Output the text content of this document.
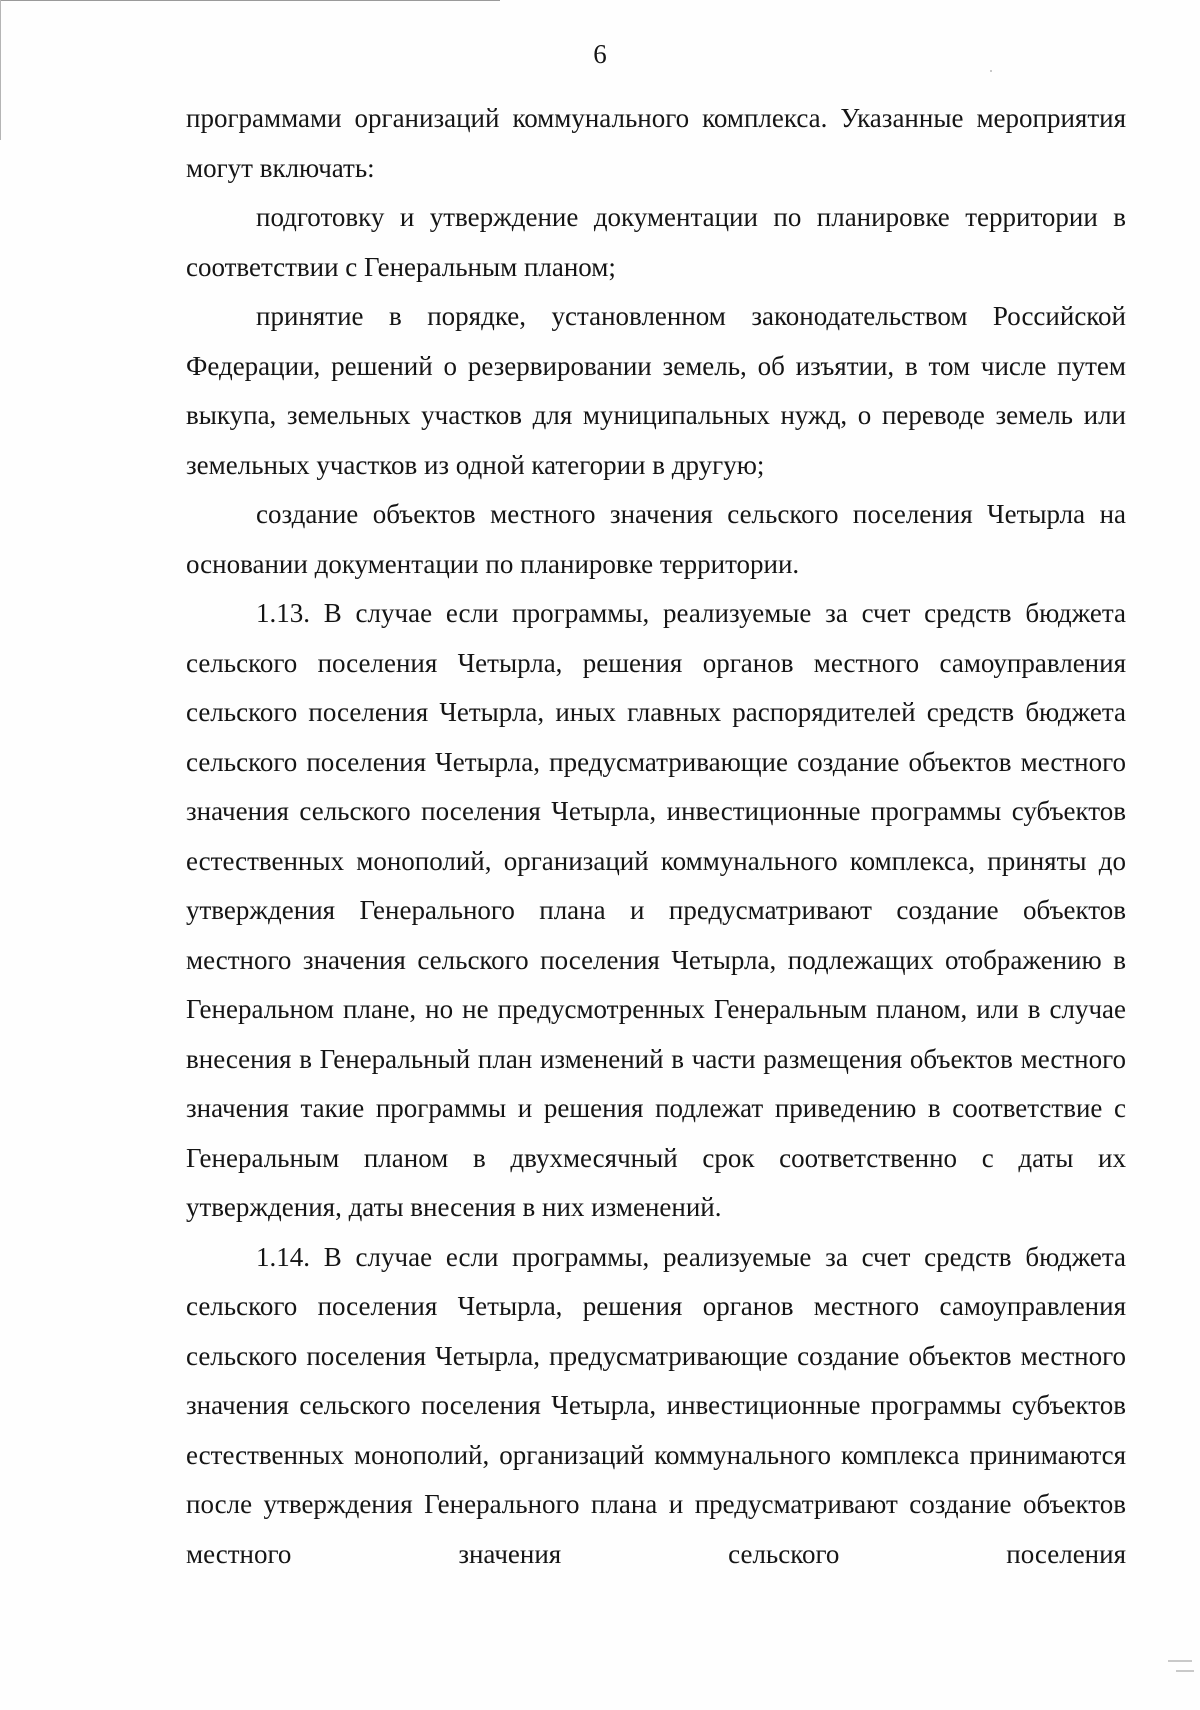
6

программами организаций коммунального комплекса. Указанные мероприятия могут включать:

подготовку и утверждение документации по планировке территории в соответствии с Генеральным планом;

принятие в порядке, установленном законодательством Российской Федерации, решений о резервировании земель, об изъятии, в том числе путем выкупа, земельных участков для муниципальных нужд, о переводе земель или земельных участков из одной категории в другую;

создание объектов местного значения сельского поселения Четырла на основании документации по планировке территории.

1.13. В случае если программы, реализуемые за счет средств бюджета сельского поселения Четырла, решения органов местного самоуправления сельского поселения Четырла, иных главных распорядителей средств бюджета сельского поселения Четырла, предусматривающие создание объектов местного значения сельского поселения Четырла, инвестиционные программы субъектов естественных монополий, организаций коммунального комплекса, приняты до утверждения Генерального плана и предусматривают создание объектов местного значения сельского поселения Четырла, подлежащих отображению в Генеральном плане, но не предусмотренных Генеральным планом, или в случае внесения в Генеральный план изменений в части размещения объектов местного значения такие программы и решения подлежат приведению в соответствие с Генеральным планом в двухмесячный срок соответственно с даты их утверждения, даты внесения в них изменений.

1.14. В случае если программы, реализуемые за счет средств бюджета сельского поселения Четырла, решения органов местного самоуправления сельского поселения Четырла, предусматривающие создание объектов местного значения сельского поселения Четырла, инвестиционные программы субъектов естественных монополий, организаций коммунального комплекса принимаются после утверждения Генерального плана и предусматривают создание объектов местного значения сельского поселения
